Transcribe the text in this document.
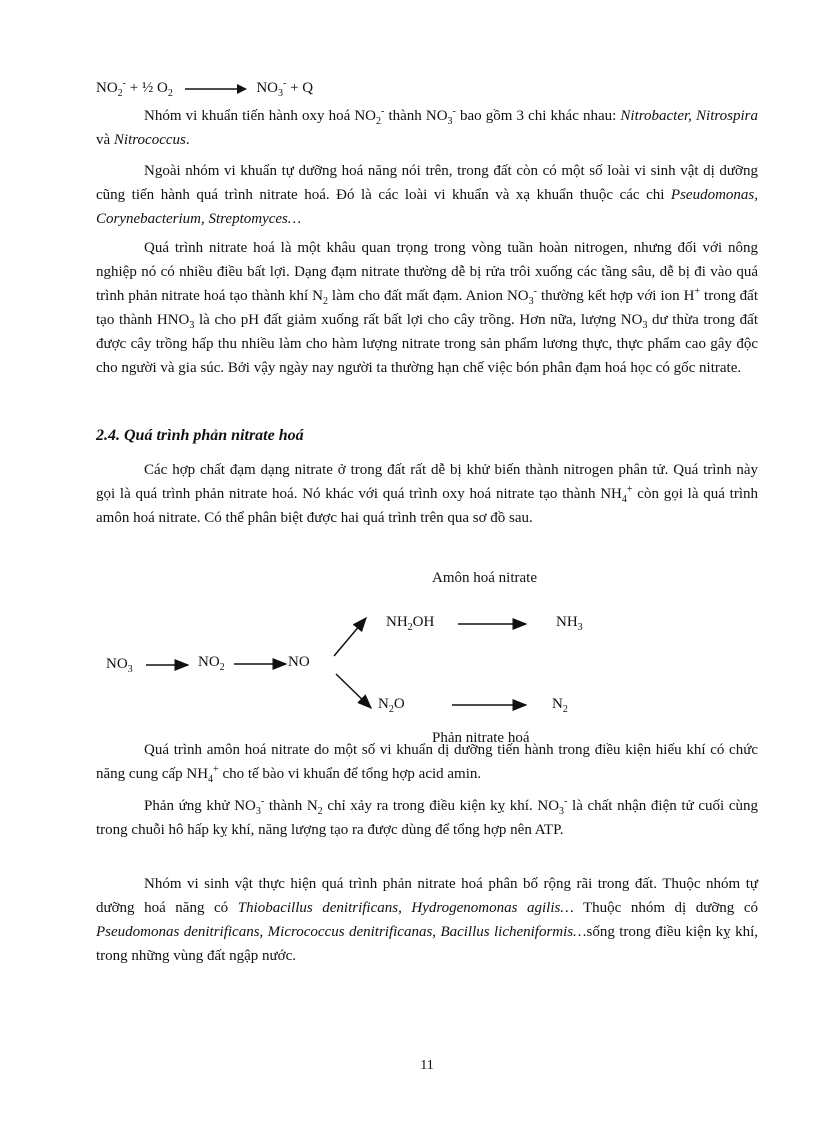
$NO_2^-$ + ½ $O_2$	$NO_3^- + Q$
Nhóm vi khuẩn tiến hành oxy hoá $NO_2^-$ thành $NO_3^-$ bao gồm 3 chi khác nhau: Nitrobacter, Nitrospira và Nitrococcus.
Ngoài nhóm vi khuẩn tự dưỡng hoá năng nói trên, trong đất còn có một số loài vi sinh vật dị dưỡng cũng tiến hành quá trình nitrate hoá. Đó là các loài vi khuẩn và xạ khuẩn thuộc các chi Pseudomonas, Corynebacterium, Streptomyces…
Quá trình nitrate hoá là một khâu quan trọng trong vòng tuần hoàn nitrogen, nhưng đối với nông nghiệp nó có nhiều điều bất lợi. Dạng đạm nitrate thường dễ bị rửa trôi xuống các tầng sâu, dễ bị đi vào quá trình phản nitrate hoá tạo thành khí $N_2$ làm cho đất mất đạm. Anion $NO_3^-$ thường kết hợp với ion H+ trong đất tạo thành $HNO_3$ là cho pH đất giảm xuống rất bất lợi cho cây trồng. Hơn nữa, lượng $NO_3$ dư thừa trong đất được cây trồng hấp thu nhiều làm cho hàm lượng nitrate trong sản phẩm lương thực, thực phẩm cao gây độc cho người và gia súc. Bởi vậy ngày nay người ta thường hạn chế việc bón phân đạm hoá học có gốc nitrate.
2.4. Quá trình phản nitrate hoá
Các hợp chất đạm dạng nitrate ở trong đất rất dễ bị khử biến thành nitrogen phân tử. Quá trình này gọi là quá trình phản nitrate hoá. Nó khác với quá trình oxy hoá nitrate tạo thành $NH_4^+$ còn gọi là quá trình amôn hoá nitrate. Có thể phân biệt được hai quá trình trên qua sơ đồ sau.
Amôn hoá nitrate
$NH_2OH$	$NH_3$
$NO_3$	$NO_2$	NO
$N_2O$	$N_2$
Phản nitrate hoá
Quá trình amôn hoá nitrate do một số vi khuẩn dị dưỡng tiến hành trong điều kiện hiếu khí có chức năng cung cấp $NH_4^+$ cho tế bào vi khuẩn để tổng hợp acid amin.
Phản ứng khử $NO_3^-$ thành $N_2$ chỉ xảy ra trong điều kiện kỵ khí. $NO_3^-$ là chất nhận điện tử cuối cùng trong chuỗi hô hấp kỵ khí, năng lượng tạo ra được dùng để tổng hợp nên ATP.
Nhóm vi sinh vật thực hiện quá trình phản nitrate hoá phân bố rộng rãi trong đất. Thuộc nhóm tự dưỡng hoá năng có Thiobacillus denitrificans, Hydrogenomonas agilis… Thuộc nhóm dị dưỡng có Pseudomonas denitrificans, Micrococcus denitrificanas, Bacillus licheniformis…sống trong điều kiện kỵ khí, trong những vùng đất ngập nước.
11
